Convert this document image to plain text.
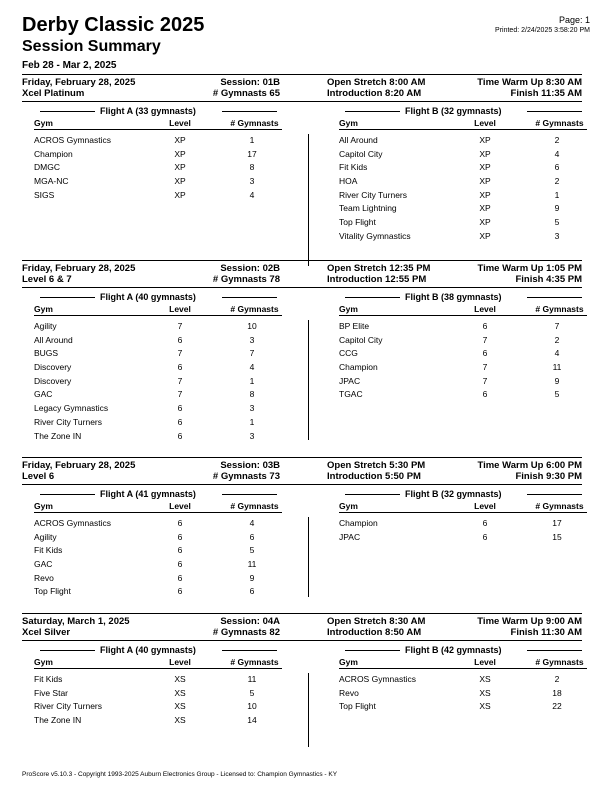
Derby Classic 2025
Session Summary
Feb 28 - Mar 2, 2025
Page: 1
Printed: 2/24/2025 3:58:20 PM
Friday, February 28, 2025
Xcel Platinum
Session: 01B
# Gymnasts 65
Open Stretch 8:00 AM
Introduction 8:20 AM
Time Warm Up 8:30 AM
Finish 11:35 AM
Flight A (33 gymnasts)
Gym	Level	# Gymnasts
ACROS Gymnastics	XP	1
Champion	XP	17
DMGC	XP	8
MGA-NC	XP	3
SIGS	XP	4
Flight B (32 gymnasts)
Gym	Level	# Gymnasts
All Around	XP	2
Capitol City	XP	4
Fit Kids	XP	6
HOA	XP	2
River City Turners	XP	1
Team Lightning	XP	9
Top Flight	XP	5
Vitality Gymnastics	XP	3
Friday, February 28, 2025
Level 6 & 7
Session: 02B
# Gymnasts 78
Open Stretch 12:35 PM
Introduction 12:55 PM
Time Warm Up 1:05 PM
Finish 4:35 PM
Flight A (40 gymnasts)
Gym	Level	# Gymnasts
Agility	7	10
All Around	6	3
BUGS	7	7
Discovery	6	4
Discovery	7	1
GAC	7	8
Legacy Gymnastics	6	3
River City Turners	6	1
The Zone IN	6	3
Flight B (38 gymnasts)
Gym	Level	# Gymnasts
BP Elite	6	7
Capitol City	7	2
CCG	6	4
Champion	7	11
JPAC	7	9
TGAC	6	5
Friday, February 28, 2025
Level 6
Session: 03B
# Gymnasts 73
Open Stretch 5:30 PM
Introduction 5:50 PM
Time Warm Up 6:00 PM
Finish 9:30 PM
Flight A (41 gymnasts)
Gym	Level	# Gymnasts
ACROS Gymnastics	6	4
Agility	6	6
Fit Kids	6	5
GAC	6	11
Revo	6	9
Top Flight	6	6
Flight B (32 gymnasts)
Gym	Level	# Gymnasts
Champion	6	17
JPAC	6	15
Saturday, March 1, 2025
Xcel Silver
Session: 04A
# Gymnasts 82
Open Stretch 8:30 AM
Introduction 8:50 AM
Time Warm Up 9:00 AM
Finish 11:30 AM
Flight A (40 gymnasts)
Gym	Level	# Gymnasts
Fit Kids	XS	11
Five Star	XS	5
River City Turners	XS	10
The Zone IN	XS	14
Flight B (42 gymnasts)
Gym	Level	# Gymnasts
ACROS Gymnastics	XS	2
Revo	XS	18
Top Flight	XS	22
ProScore v5.10.3 - Copyright 1993-2025 Auburn Electronics Group - Licensed to: Champion Gymnastics - KY
